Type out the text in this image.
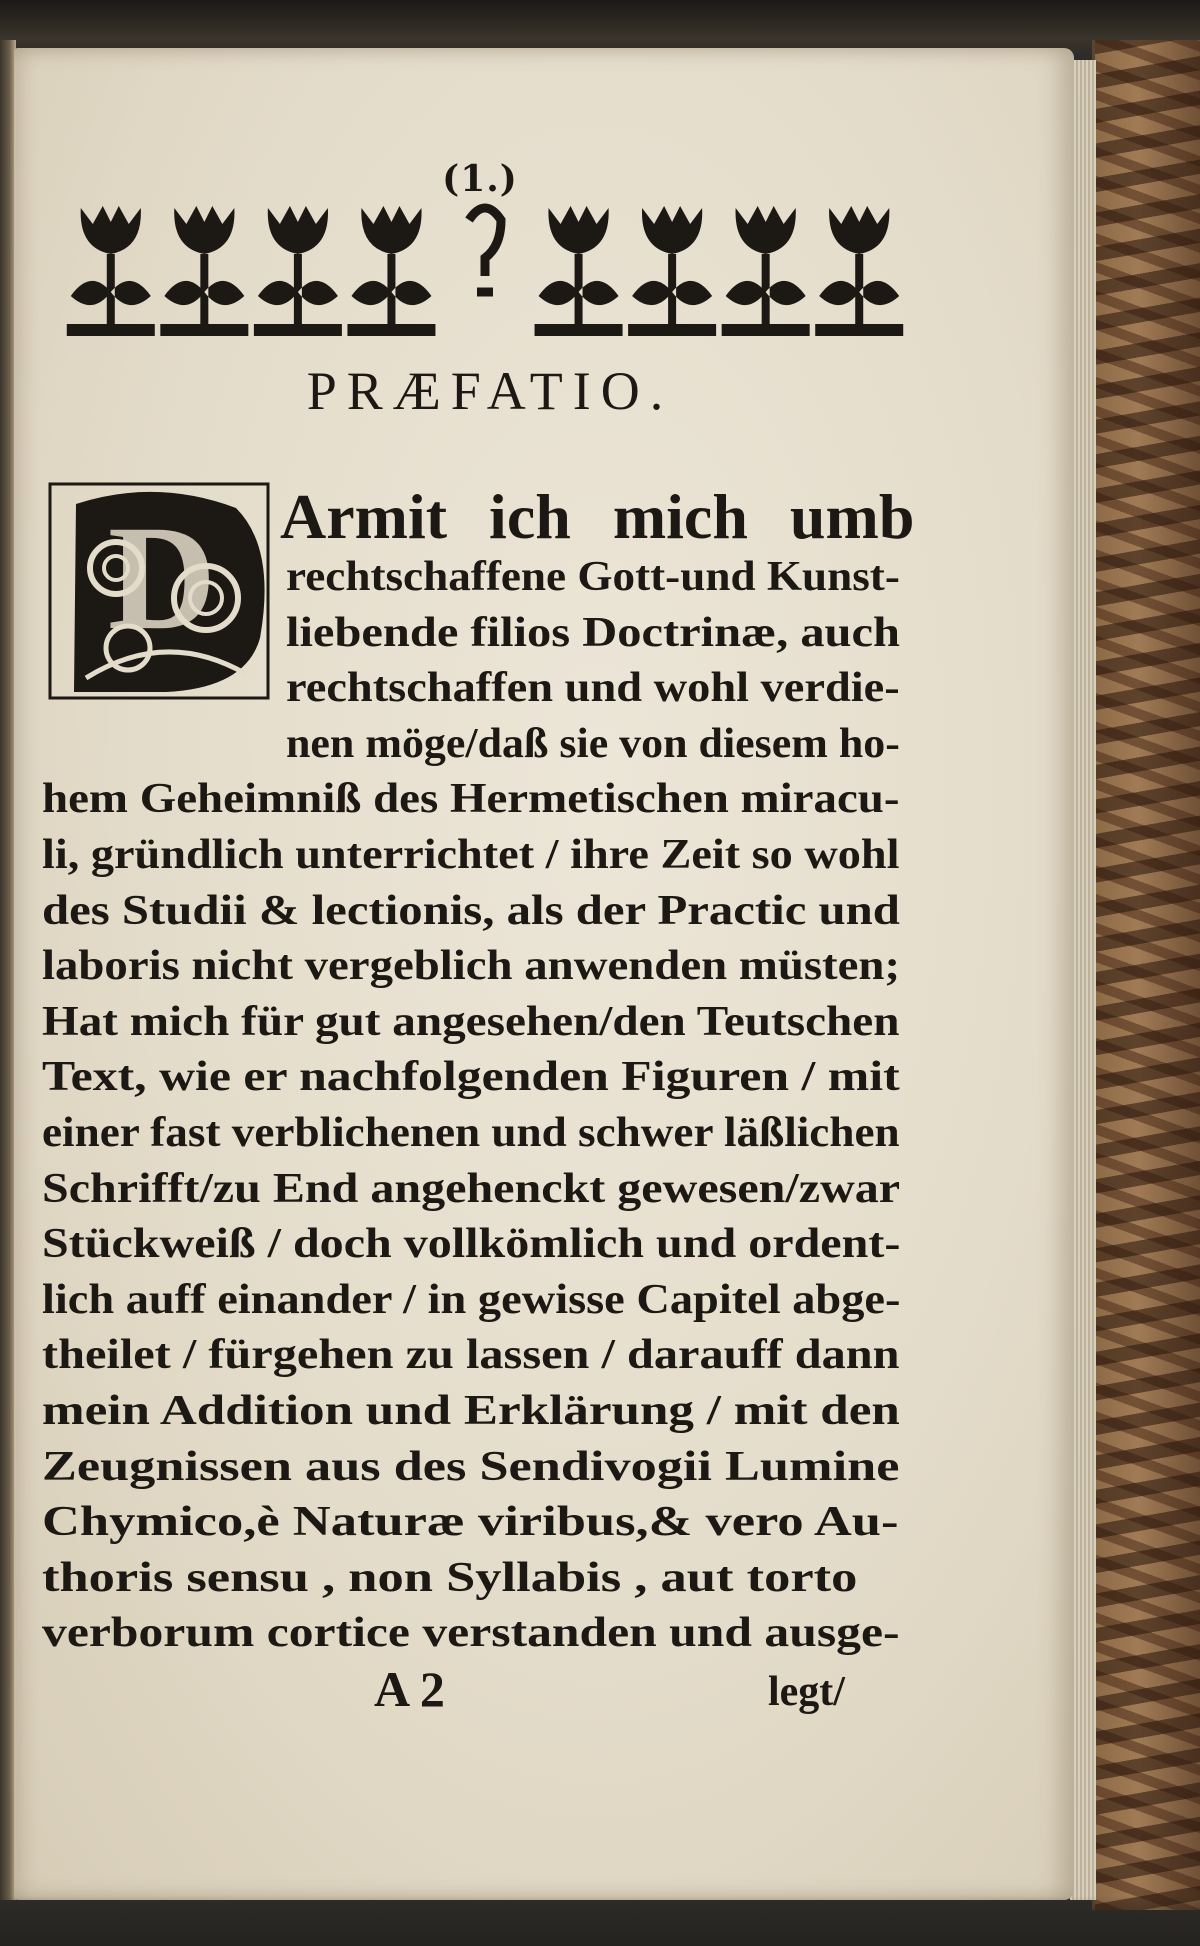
(1.)
PRÆFATIO.
D Armit ich mich umb
rechtschaffene Gott-und Kunst-
liebende filios Doctrinæ, auch
rechtschaffen und wohl verdie-
nen möge/daß sie von diesem ho-
hem Geheimniß des Hermetischen miracu-
li, gründlich unterrichtet / ihre Zeit so wohl
des Studii & lectionis, als der Practic und
laboris nicht vergeblich anwenden müsten;
Hat mich für gut angesehen/den Teutschen
Text, wie er nachfolgenden Figuren / mit
einer fast verblichenen und schwer läßlichen
Schrifft/zu End angehenckt gewesen/zwar
Stückweiß / doch vollkömlich und ordent-
lich auff einander / in gewisse Capitel abge-
theilet / fürgehen zu lassen / darauff dann
mein Addition und Erklärung / mit den
Zeugnissen aus des Sendivogii Lumine
Chymico,è Naturæ viribus,& vero Au-
thoris sensu , non Syllabis , aut torto
verborum cortice verstanden und ausge-
A 2	legt/
